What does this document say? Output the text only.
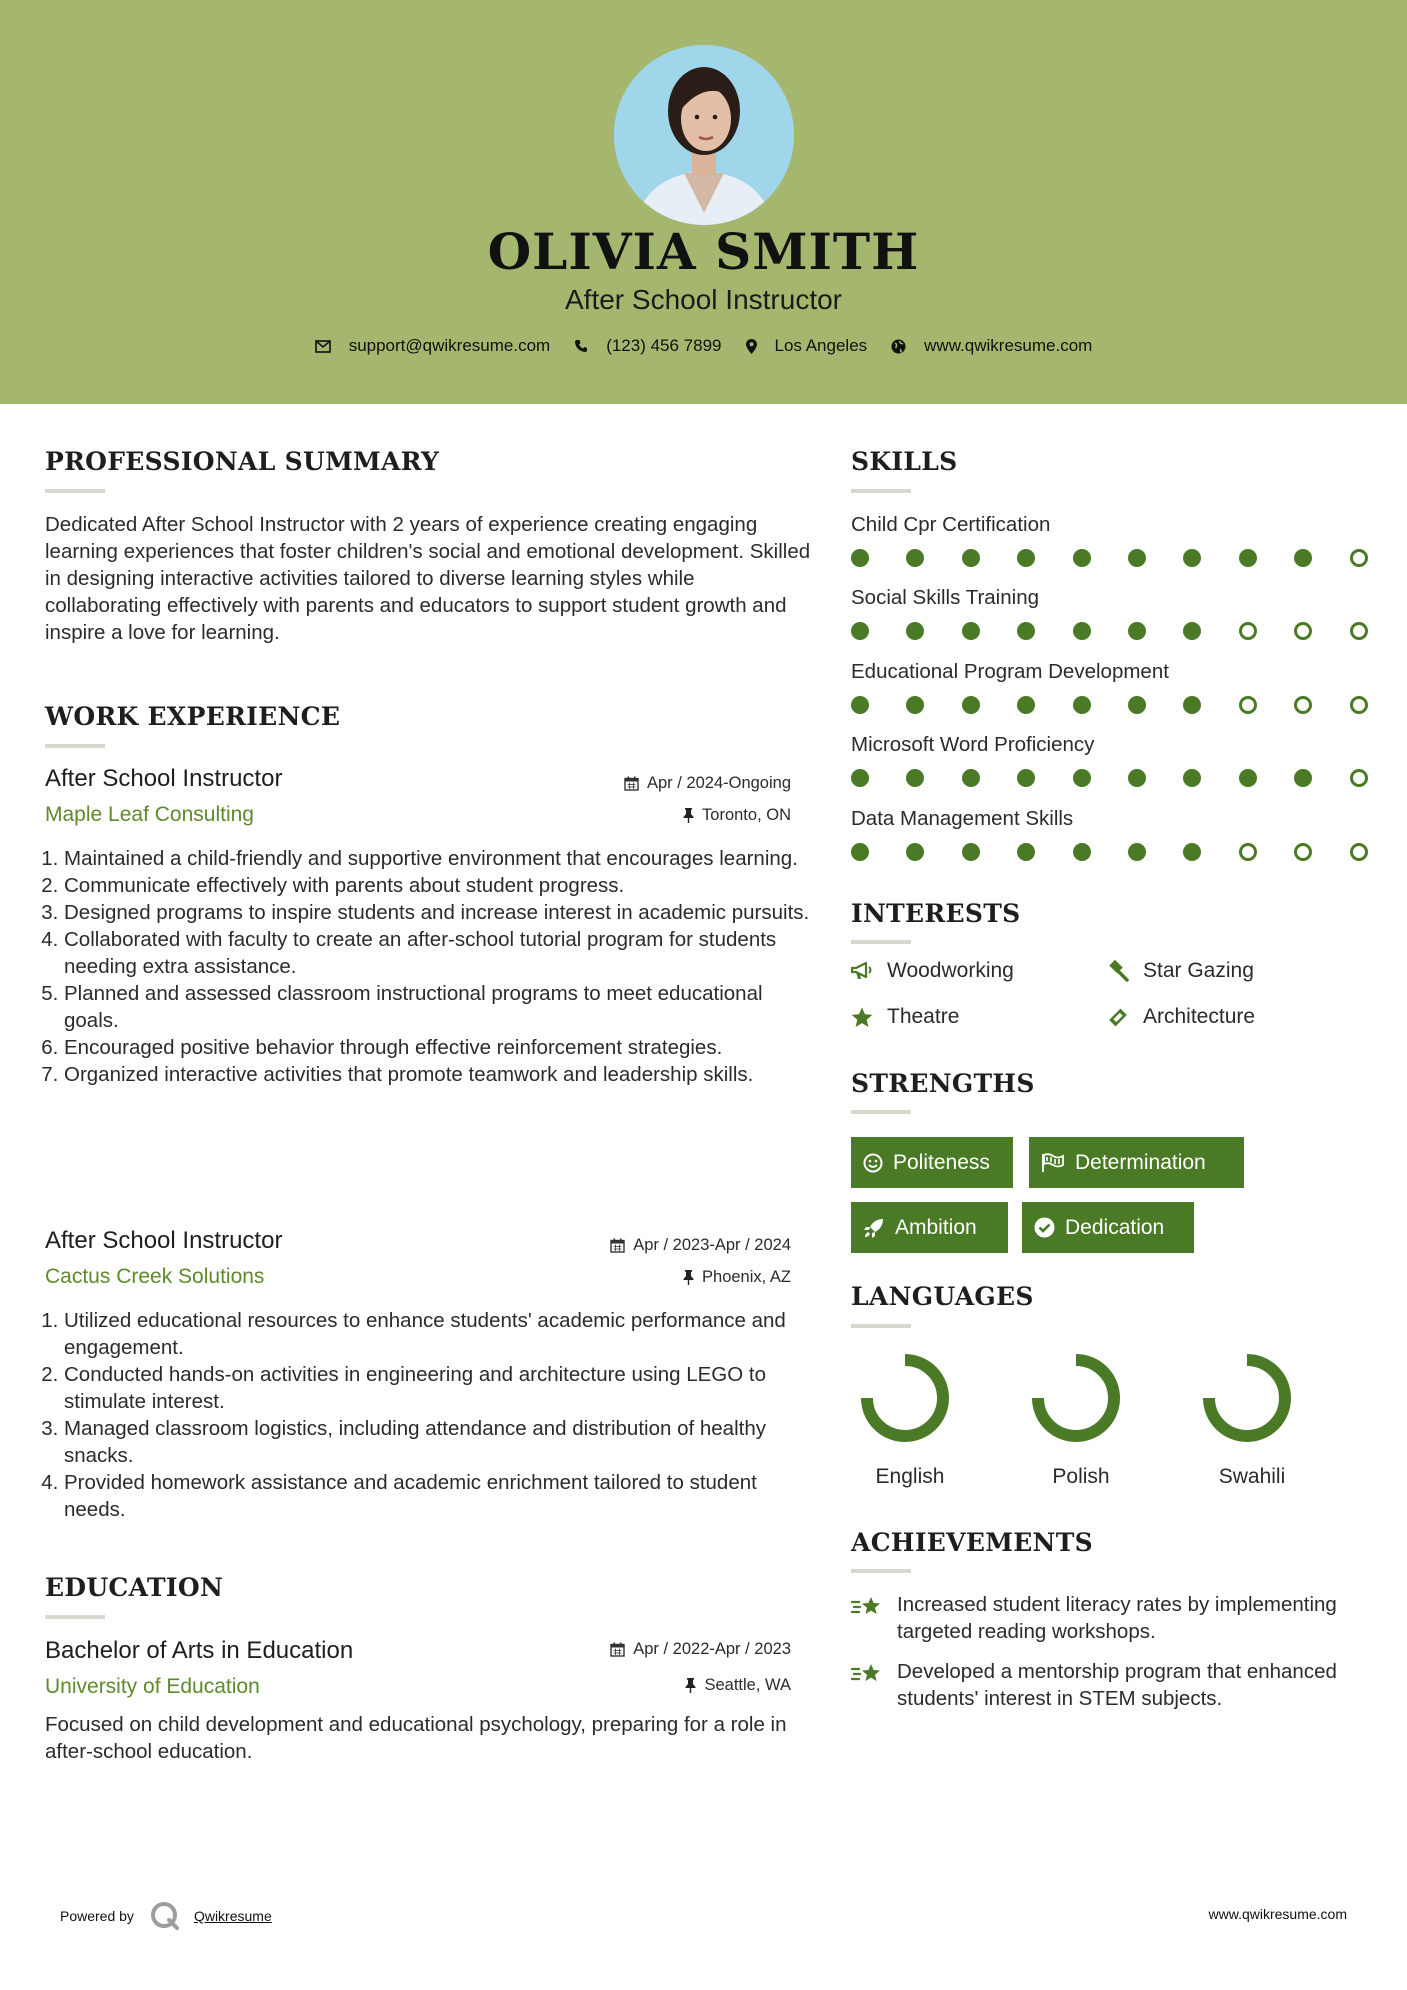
OLIVIA SMITH
After School Instructor
support@qwikresume.com	(123) 456 7899	Los Angeles	www.qwikresume.com
PROFESSIONAL SUMMARY
Dedicated After School Instructor with 2 years of experience creating engaging learning experiences that foster children's social and emotional development. Skilled in designing interactive activities tailored to diverse learning styles while collaborating effectively with parents and educators to support student growth and inspire a love for learning.
WORK EXPERIENCE
After School Instructor	Apr / 2024-Ongoing
Maple Leaf Consulting	Toronto, ON
1. Maintained a child-friendly and supportive environment that encourages learning.
2. Communicate effectively with parents about student progress.
3. Designed programs to inspire students and increase interest in academic pursuits.
4. Collaborated with faculty to create an after-school tutorial program for students needing extra assistance.
5. Planned and assessed classroom instructional programs to meet educational goals.
6. Encouraged positive behavior through effective reinforcement strategies.
7. Organized interactive activities that promote teamwork and leadership skills.
After School Instructor	Apr / 2023-Apr / 2024
Cactus Creek Solutions	Phoenix, AZ
1. Utilized educational resources to enhance students' academic performance and engagement.
2. Conducted hands-on activities in engineering and architecture using LEGO to stimulate interest.
3. Managed classroom logistics, including attendance and distribution of healthy snacks.
4. Provided homework assistance and academic enrichment tailored to student needs.
EDUCATION
Bachelor of Arts in Education	Apr / 2022-Apr / 2023
University of Education	Seattle, WA
Focused on child development and educational psychology, preparing for a role in after-school education.
SKILLS
Child Cpr Certification
Social Skills Training
Educational Program Development
Microsoft Word Proficiency
Data Management Skills
INTERESTS
Woodworking	Star Gazing
Theatre	Architecture
STRENGTHS
Politeness	Determination
Ambition	Dedication
LANGUAGES
English	Polish	Swahili
ACHIEVEMENTS
Increased student literacy rates by implementing targeted reading workshops.
Developed a mentorship program that enhanced students' interest in STEM subjects.
Powered by	Qwikresume	www.qwikresume.com
